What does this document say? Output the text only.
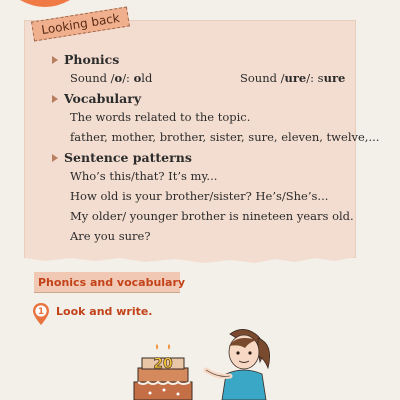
Looking back
Phonics
Sound /o/: old	Sound /ure/: sure
Vocabulary
The words related to the topic.
father, mother, brother, sister, sure, eleven, twelve,...
Sentence patterns
Who’s this/that? It’s my...
How old is your brother/sister? He’s/She’s...
My older/ younger brother is nineteen years old.
Are you sure?
Phonics and vocabulary
1 Look and write.
20
